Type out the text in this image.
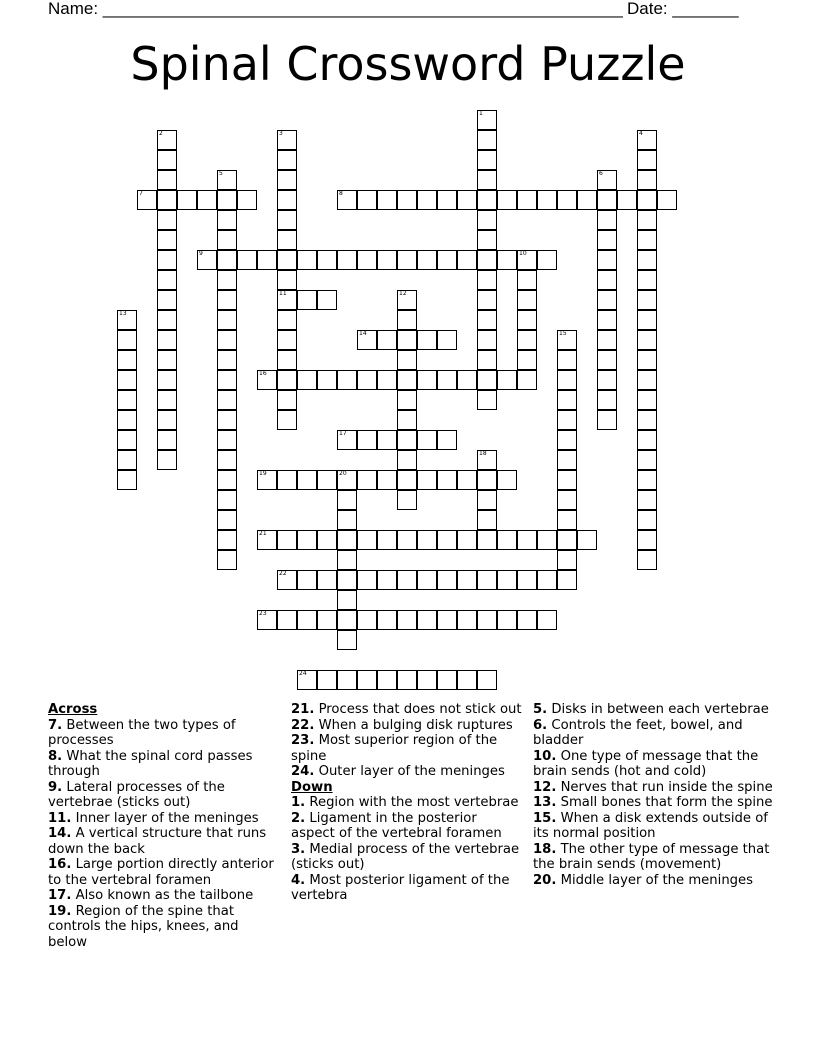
Name: _______________________________________________________ Date: _______
Spinal Crossword Puzzle
7	8
9	10
11
14
16
17
19	20
21
22
23
24
1
2	3	4
5	6
12
13
15
18
Across
7. Between the two types of processes
8. What the spinal cord passes through
9. Lateral processes of the vertebrae (sticks out)
11. Inner layer of the meninges
14. A vertical structure that runs down the back
16. Large portion directly anterior to the vertebral foramen
17. Also known as the tailbone
19. Region of the spine that controls the hips, knees, and below
21. Process that does not stick out
22. When a bulging disk ruptures
23. Most superior region of the spine
24. Outer layer of the meninges
Down
1. Region with the most vertebrae
2. Ligament in the posterior aspect of the vertebral foramen
3. Medial process of the vertebrae (sticks out)
4. Most posterior ligament of the vertebra
5. Disks in between each vertebrae
6. Controls the feet, bowel, and bladder
10. One type of message that the brain sends (hot and cold)
12. Nerves that run inside the spine
13. Small bones that form the spine
15. When a disk extends outside of its normal position
18. The other type of message that the brain sends (movement)
20. Middle layer of the meninges
